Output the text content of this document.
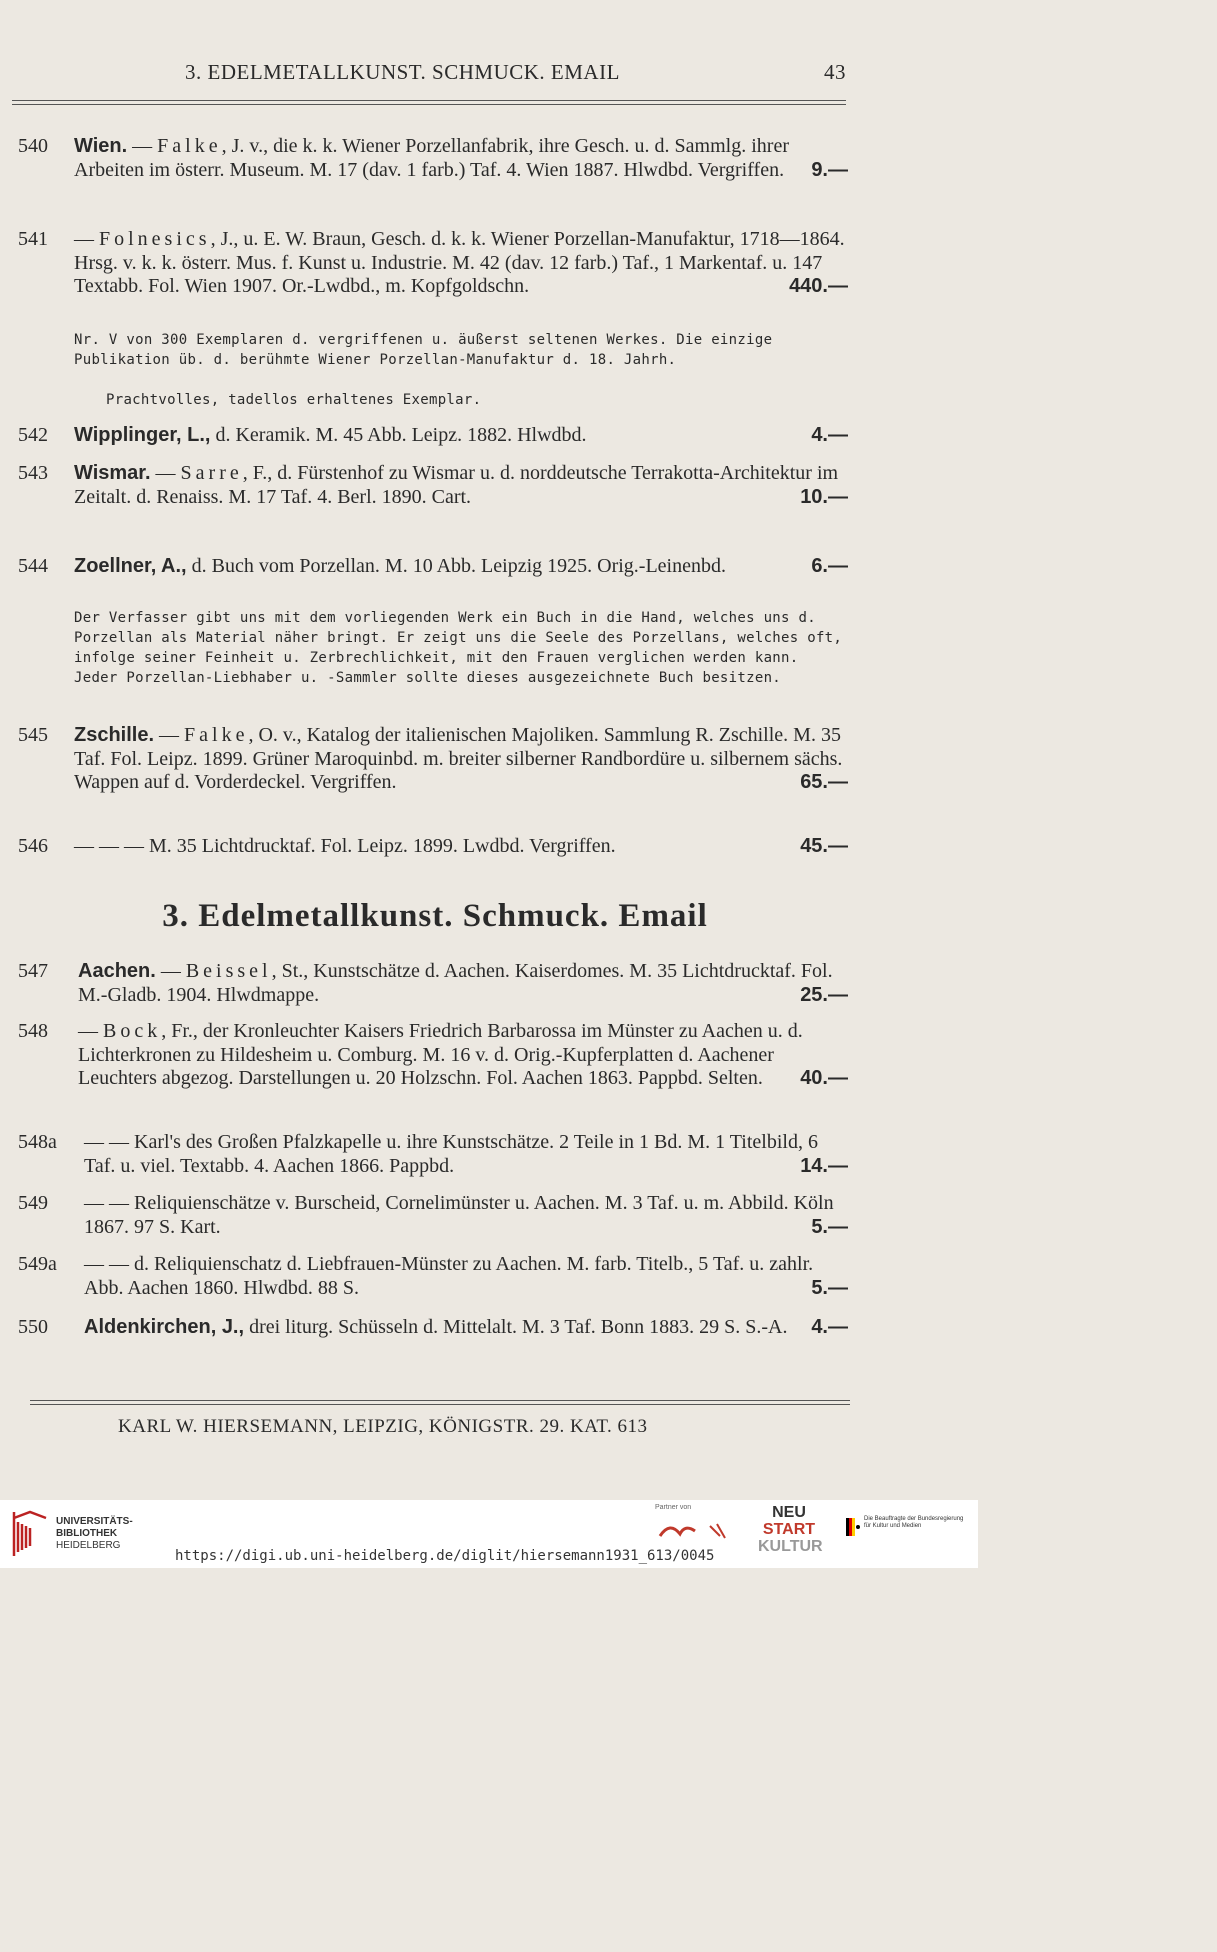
3. EDELMETALLKUNST. SCHMUCK. EMAIL	43
540	Wien. — Falke, J. v., die k. k. Wiener Porzellanfabrik, ihre Gesch. u. d. Sammlg. ihrer Arbeiten im österr. Museum. M. 17 (dav. 1 farb.) Taf. 4. Wien 1887. Hlwdbd. Vergriffen. 9.—
541	— Folnesics, J., u. E. W. Braun, Gesch. d. k. k. Wiener Porzellan-Manufaktur, 1718—1864. Hrsg. v. k. k. österr. Mus. f. Kunst u. Industrie. M. 42 (dav. 12 farb.) Taf., 1 Markentaf. u. 147 Textabb. Fol. Wien 1907. Or.-Lwdbd., m. Kopfgoldschn.	440.—
Nr. V von 300 Exemplaren d. vergriffenen u. äußerst seltenen Werkes. Die einzige Publikation üb. d. berühmte Wiener Porzellan-Manufaktur d. 18. Jahrh.
Prachtvolles, tadellos erhaltenes Exemplar.
542	Wipplinger, L., d. Keramik. M. 45 Abb. Leipz. 1882. Hlwdbd.	4.—
543	Wismar. — Sarre, F., d. Fürstenhof zu Wismar u. d. norddeutsche Terrakotta-Architektur im Zeitalt. d. Renaiss. M. 17 Taf. 4. Berl. 1890. Cart.	10.—
544	Zoellner, A., d. Buch vom Porzellan. M. 10 Abb. Leipzig 1925. Orig.-Leinenbd.	6.—
Der Verfasser gibt uns mit dem vorliegenden Werk ein Buch in die Hand, welches uns d. Porzellan als Material näher bringt. Er zeigt uns die Seele des Porzellans, welches oft, infolge seiner Feinheit u. Zerbrechlichkeit, mit den Frauen verglichen werden kann. Jeder Porzellan-Liebhaber u. -Sammler sollte dieses ausgezeichnete Buch besitzen.
545	Zschille. — Falke, O. v., Katalog der italienischen Majoliken. Sammlung R. Zschille. M. 35 Taf. Fol. Leipz. 1899. Grüner Maroquinbd. m. breiter silberner Randbordüre u. silbernem sächs. Wappen auf d. Vorderdeckel. Vergriffen.	65.—
546	— — — M. 35 Lichtdrucktaf. Fol. Leipz. 1899. Lwdbd. Vergriffen.	45.—
3. Edelmetallkunst. Schmuck. Email
547	Aachen. — Beissel, St., Kunstschätze d. Aachen. Kaiserdomes. M. 35 Lichtdrucktaf. Fol. M.-Gladb. 1904. Hlwdmappe.	25.—
548	— Bock, Fr., der Kronleuchter Kaisers Friedrich Barbarossa im Münster zu Aachen u. d. Lichterkronen zu Hildesheim u. Comburg. M. 16 v. d. Orig.-Kupferplatten d. Aachener Leuchters abgezog. Darstellungen u. 20 Holzschn. Fol. Aachen 1863. Pappbd. Selten. 40.—
548a	— — Karl's des Großen Pfalzkapelle u. ihre Kunstschätze. 2 Teile in 1 Bd. M. 1 Titelbild, 6 Taf. u. viel. Textabb. 4. Aachen 1866. Pappbd.	14.—
549	— — Reliquienschätze v. Burscheid, Cornelimünster u. Aachen. M. 3 Taf. u. m. Abbild. Köln 1867. 97 S. Kart.	5.—
549a	— — d. Reliquienschatz d. Liebfrauen-Münster zu Aachen. M. farb. Titelb., 5 Taf. u. zahlr. Abb. Aachen 1860. Hlwdbd. 88 S.	5.—
550	Aldenkirchen, J., drei liturg. Schüsseln d. Mittelalt. M. 3 Taf. Bonn 1883. 29 S. S.-A. 4.—
KARL W. HIERSEMANN, LEIPZIG, KÖNIGSTR. 29. KAT. 613
UNIVERSITÄTS-
BIBLIOTHEK
HEIDELBERG
https://digi.ub.uni-heidelberg.de/diglit/hiersemann1931_613/0045
Partner von	NEU
START
KULTUR
Die Beauftragte der Bundesregierung für Kultur und Medien
